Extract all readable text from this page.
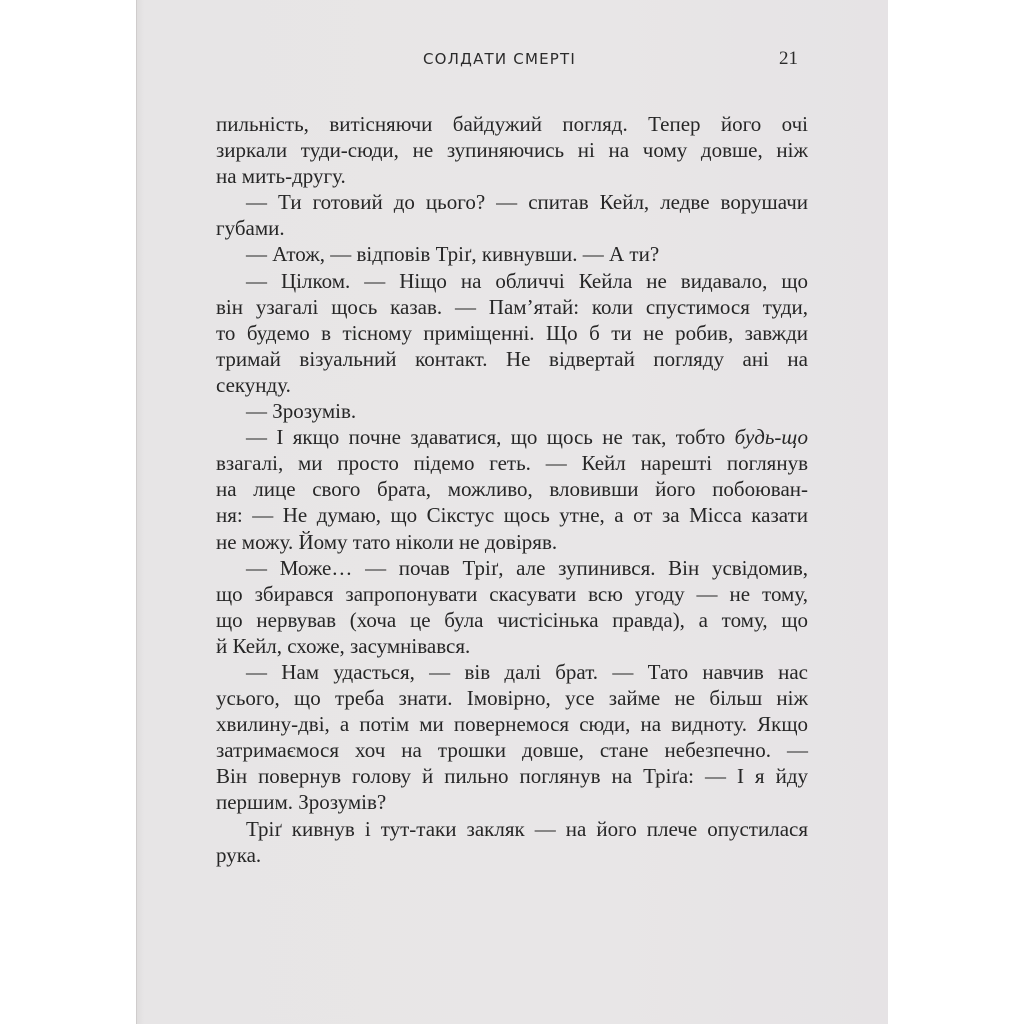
СОЛДАТИ СМЕРТІ	21
пильність, витісняючи байдужий погляд. Тепер його очі
зиркали туди-сюди, не зупиняючись ні на чому довше, ніж
на мить-другу.
— Ти готовий до цього? — спитав Кейл, ледве ворушачи
губами.
— Атож, — відповів Тріґ, кивнувши. — А ти?
— Цілком. — Ніщо на обличчі Кейла не видавало, що
він узагалі щось казав. — Пам’ятай: коли спустимося туди,
то будемо в тісному приміщенні. Що б ти не робив, завжди
тримай візуальний контакт. Не відвертай погляду ані на
секунду.
— Зрозумів.
— І якщо почне здаватися, що щось не так, тобто будь-що
взагалі, ми просто підемо геть. — Кейл нарешті поглянув
на лице свого брата, можливо, вловивши його побоюван-
ня: — Не думаю, що Сікстус щось утне, а от за Місса казати
не можу. Йому тато ніколи не довіряв.
— Може… — почав Тріґ, але зупинився. Він усвідомив,
що збирався запропонувати скасувати всю угоду — не тому,
що нервував (хоча це була чистісінька правда), а тому, що
й Кейл, схоже, засумнівався.
— Нам удасться, — вів далі брат. — Тато навчив нас
усього, що треба знати. Імовірно, усе займе не більш ніж
хвилину-дві, а потім ми повернемося сюди, на видноту. Якщо
затримаємося хоч на трошки довше, стане небезпечно. —
Він повернув голову й пильно поглянув на Тріґа: — І я йду
першим. Зрозумів?
Тріґ кивнув і тут-таки закляк — на його плече опустилася
рука.
